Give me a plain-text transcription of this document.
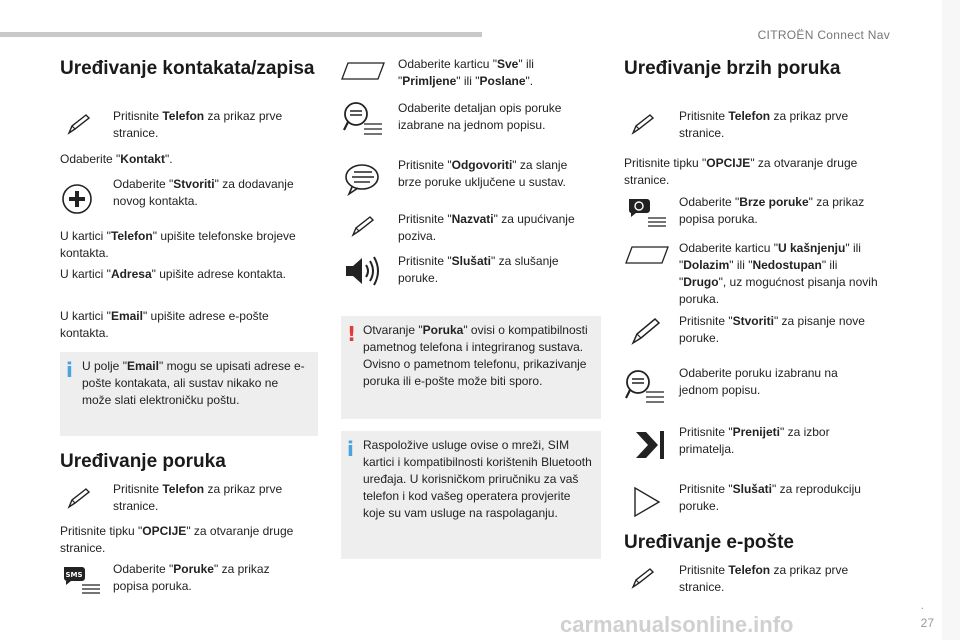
CITROËN Connect Nav
.
27
carmanualsonline.info
Uređivanje kontakata/zapisa
Pritisnite Telefon za prikaz prve stranice.
Odaberite "Kontakt".
Odaberite "Stvoriti" za dodavanje novog kontakta.
U kartici "Telefon" upišite telefonske brojeve kontakta.
U kartici "Adresa" upišite adrese kontakta.
U kartici "Email" upišite adrese e-pošte kontakta.
i U polje "Email" mogu se upisati adrese e-pošte kontakata, ali sustav nikako ne može slati elektroničku poštu.
Uređivanje poruka
Pritisnite Telefon za prikaz prve stranice.
Pritisnite tipku "OPCIJE" za otvaranje druge stranice.
SMS	Odaberite "Poruke" za prikaz popisa poruka.
Odaberite karticu "Sve" ili "Primljene" ili "Poslane".
Odaberite detaljan opis poruke izabrane na jednom popisu.
Pritisnite "Odgovoriti" za slanje brze poruke uključene u sustav.
Pritisnite "Nazvati" za upućivanje poziva.
Pritisnite "Slušati" za slušanje poruke.
! Otvaranje "Poruka" ovisi o kompatibilnosti pametnog telefona i integriranog sustava. Ovisno o pametnom telefonu, prikazivanje poruka ili e-pošte može biti sporo.
i Raspoložive usluge ovise o mreži, SIM kartici i kompatibilnosti korištenih Bluetooth uređaja. U korisničkom priručniku za vaš telefon i kod vašeg operatera provjerite koje su vam usluge na raspolaganju.
Uređivanje brzih poruka
Pritisnite Telefon za prikaz prve stranice.
Pritisnite tipku "OPCIJE" za otvaranje druge stranice.
Odaberite "Brze poruke" za prikaz popisa poruka.
Odaberite karticu "U kašnjenju" ili "Dolazim" ili "Nedostupan" ili "Drugo", uz mogućnost pisanja novih poruka.
Pritisnite "Stvoriti" za pisanje nove poruke.
Odaberite poruku izabranu na jednom popisu.
Pritisnite "Prenijeti" za izbor primatelja.
Pritisnite "Slušati" za reprodukciju poruke.
Uređivanje e-pošte
Pritisnite Telefon za prikaz prve stranice.
